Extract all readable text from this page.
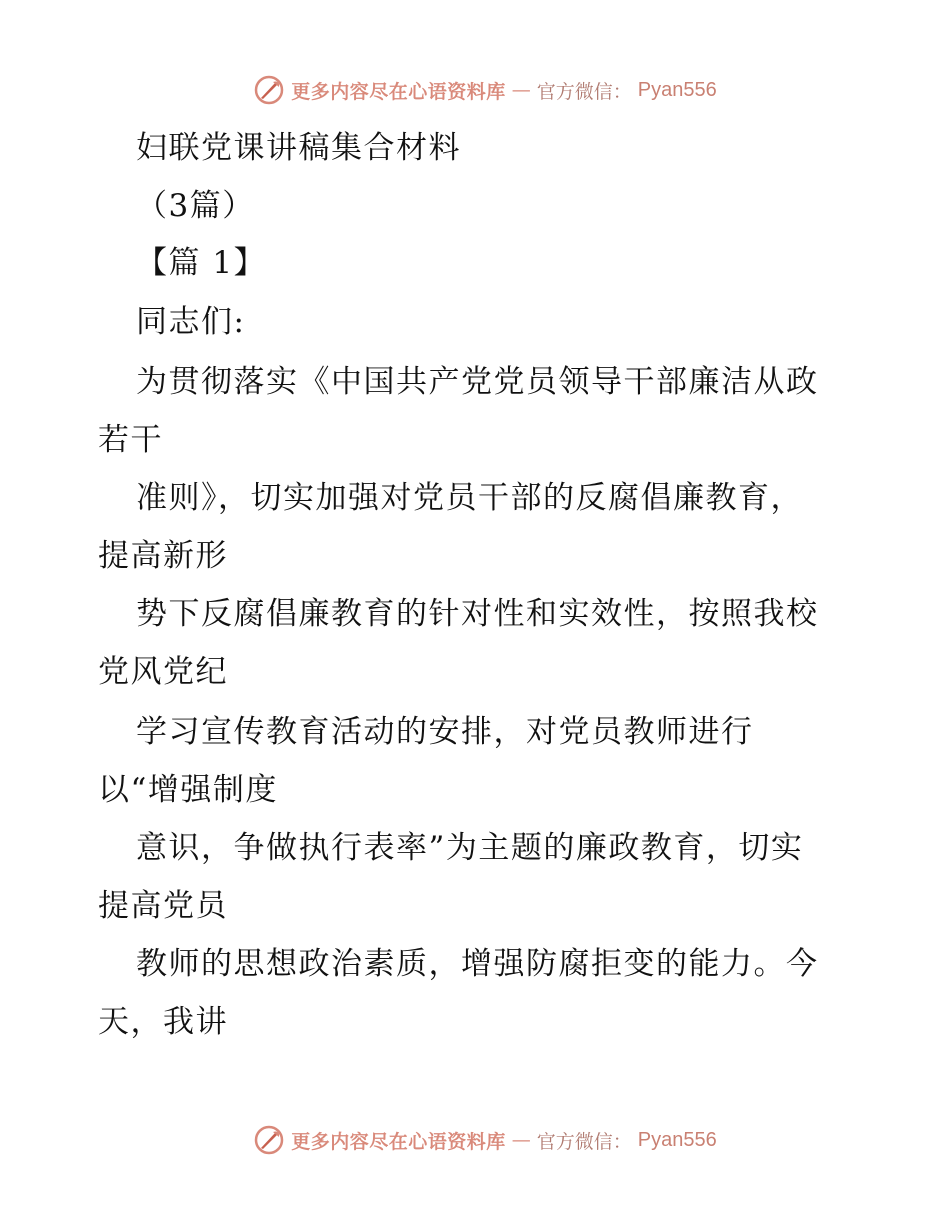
更多内容尽在心语资料库 — 官方微信： Pyan556
妇联党课讲稿集合材料
（3篇）
【篇 1】
同志们:
为贯彻落实《中国共产党党员领导干部廉洁从政
若干
准则》，切实加强对党员干部的反腐倡廉教育，
提高新形
势下反腐倡廉教育的针对性和实效性，按照我校
党风党纪
学习宣传教育活动的安排，对党员教师进行
以“增强制度
意识，争做执行表率”为主题的廉政教育，切实
提高党员
教师的思想政治素质，增强防腐拒变的能力。今
天，我讲
更多内容尽在心语资料库 — 官方微信： Pyan556
